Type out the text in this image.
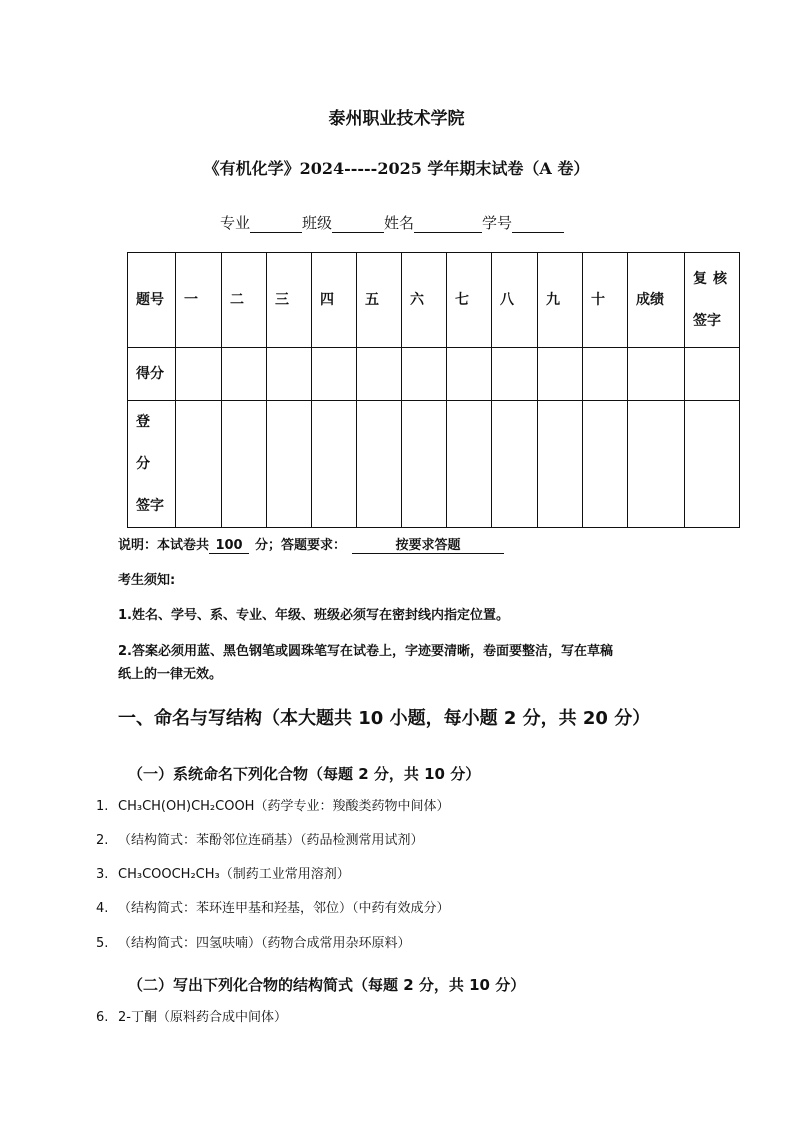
泰州职业技术学院
《有机化学》2024-----2025 学年期末试卷（A 卷）
专业	班级	姓名	学号
题号	一	二	三	四	五	六	七	八	九	十	成绩	复核
签字

得分												

登分
签字												

说明：本试卷共 100 分；答题要求：	按要求答题
考生须知:
1.姓名、学号、系、专业、年级、班级必须写在密封线内指定位置。
2.答案必须用蓝、黑色钢笔或圆珠笔写在试卷上，字迹要清晰，卷面要整洁，写在草稿
纸上的一律无效。
一、命名与写结构（本大题共 10 小题，每小题 2 分，共 20 分）
（一）系统命名下列化合物（每题 2 分，共 10 分）
1. CH₃CH(OH)CH₂COOH（药学专业：羧酸类药物中间体）
2. （结构简式：苯酚邻位连硝基）（药品检测常用试剂）
3. CH₃COOCH₂CH₃（制药工业常用溶剂）
4. （结构简式：苯环连甲基和羟基，邻位）（中药有效成分）
5. （结构简式：四氢呋喃）（药物合成常用杂环原料）
（二）写出下列化合物的结构简式（每题 2 分，共 10 分）
6. 2-丁酮（原料药合成中间体）
